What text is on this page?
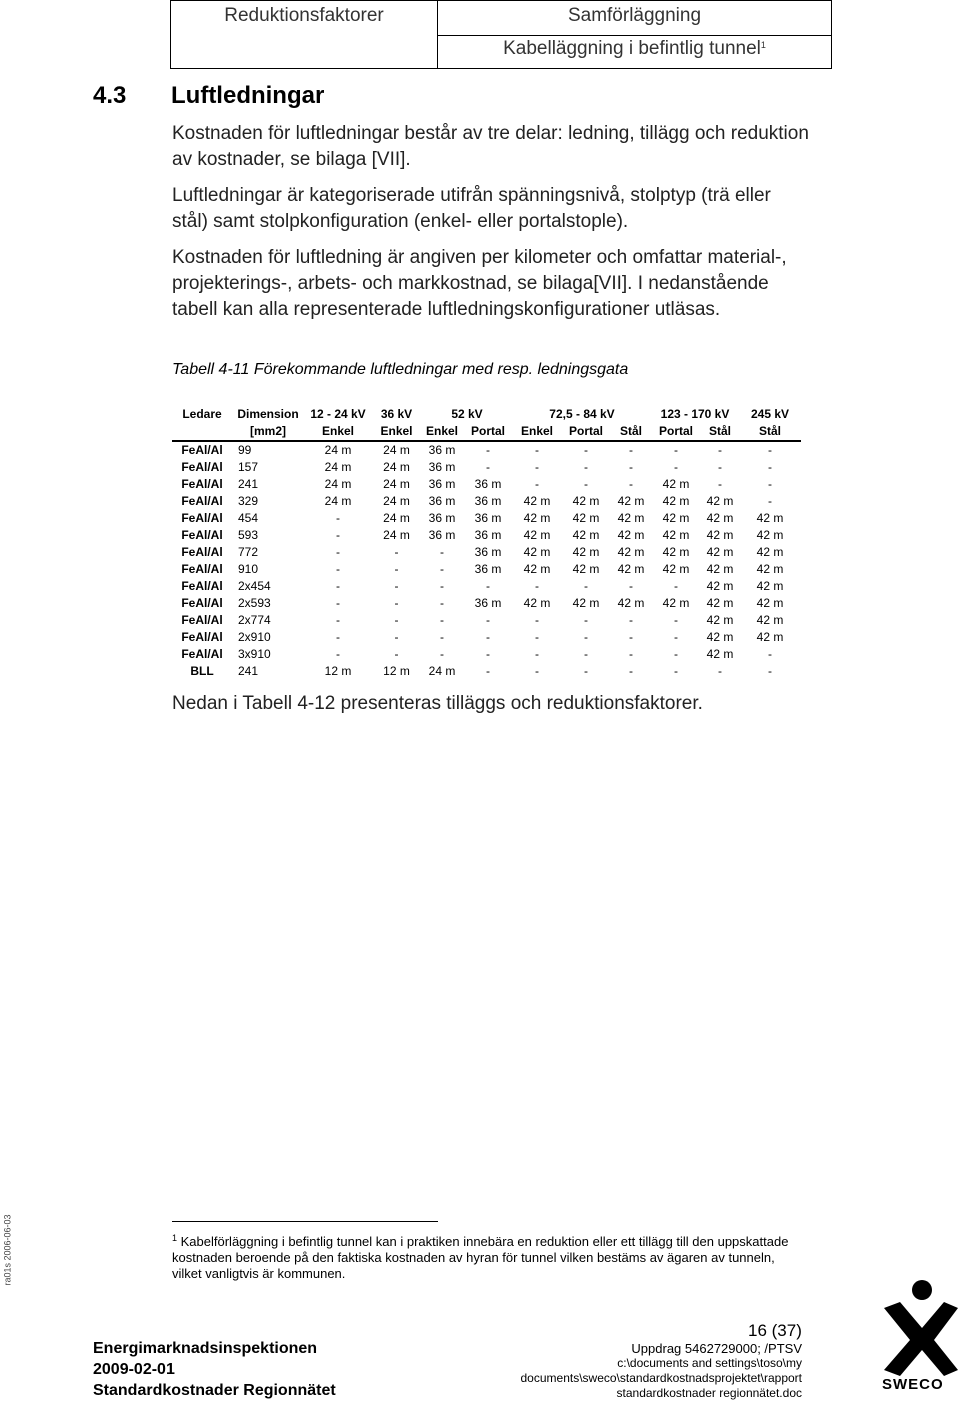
Reduktionsfaktorer	Samförläggning
Kabelläggning i befintlig tunnel$^1$
4.3 Luftledningar
Kostnaden för luftledningar består av tre delar: ledning, tillägg och reduktion av kostnader, se bilaga [VII].
Luftledningar är kategoriserade utifrån spänningsnivå, stolptyp (trä eller stål) samt stolpkonfiguration (enkel- eller portalstople).
Kostnaden för luftledning är angiven per kilometer och omfattar material-, projekterings-, arbets- och markkostnad, se bilaga[VII]. I nedanstående tabell kan alla representerade luftledningskonfigurationer utläsas.
Tabell 4-11 Förekommande luftledningar med resp. ledningsgata
Ledare	Dimension	12 - 24 kV	36 kV	52 kV		72,5 - 84 kV			123 - 170 kV		245 kV
	[mm2]	Enkel	Enkel	Enkel	Portal	Enkel	Portal	Stål	Portal	Stål	Stål
FeAl/Al	99	24 m	24 m	36 m	-	-	-	-	-	-	-
FeAl/Al	157	24 m	24 m	36 m	-	-	-	-	-	-	-
FeAl/Al	241	24 m	24 m	36 m	36 m	-	-	-	42 m	-	-
FeAl/Al	329	24 m	24 m	36 m	36 m	42 m	42 m	42 m	42 m	42 m	-
FeAl/Al	454	-	24 m	36 m	36 m	42 m	42 m	42 m	42 m	42 m	42 m
FeAl/Al	593	-	24 m	36 m	36 m	42 m	42 m	42 m	42 m	42 m	42 m
FeAl/Al	772	-	-	-	36 m	42 m	42 m	42 m	42 m	42 m	42 m
FeAl/Al	910	-	-	-	36 m	42 m	42 m	42 m	42 m	42 m	42 m
FeAl/Al	2x454	-	-	-	-	-	-	-	-	42 m	42 m
FeAl/Al	2x593	-	-	-	36 m	42 m	42 m	42 m	42 m	42 m	42 m
FeAl/Al	2x774	-	-	-	-	-	-	-	-	42 m	42 m
FeAl/Al	2x910	-	-	-	-	-	-	-	-	42 m	42 m
FeAl/Al	3x910	-	-	-	-	-	-	-	-	42 m	-
BLL	241	12 m	12 m	24 m	-	-	-	-	-	-	-
Nedan i Tabell 4-12 presenteras tilläggs och reduktionsfaktorer.
ra01s 2006-06-03	$^1$ Kabelförläggning i befintlig tunnel kan i praktiken innebära en reduktion eller ett tillägg till den uppskattade kostnaden beroende på den faktiska kostnaden av hyran för tunnel vilken bestäms av ägaren av tunneln, vilket vanligtvis är kommunen.
16 (37)
Energimarknadsinspektionen
2009-02-01
Standardkostnader Regionnätet
Uppdrag 5462729000; /PTSV
c:\documents and settings\toso\my
documents\sweco\standardkostnadsprojektet\rapport
standardkostnader regionnätet.doc	SWECO
